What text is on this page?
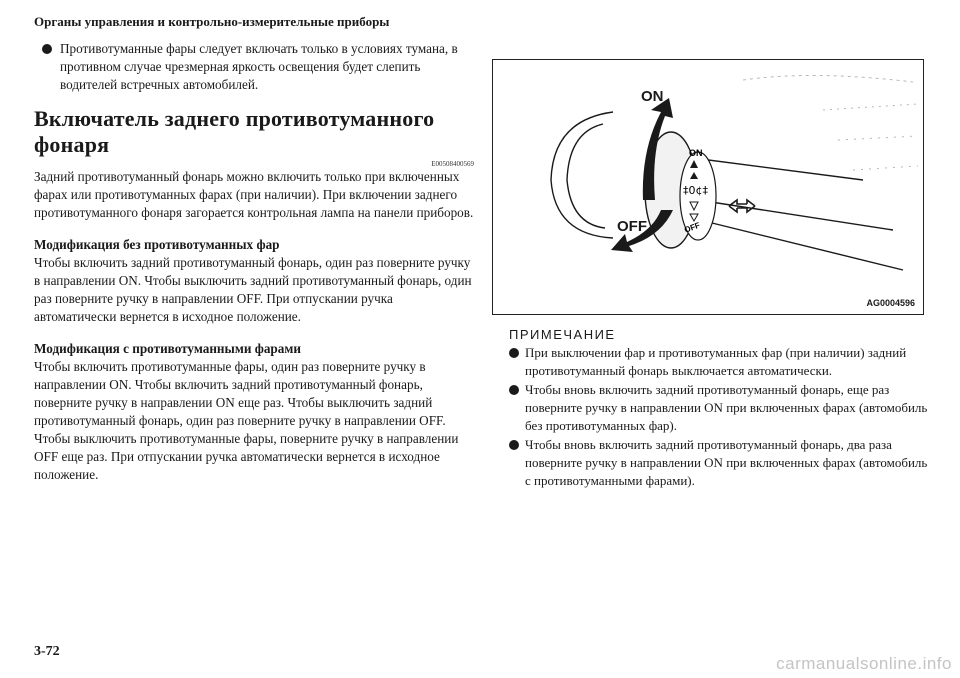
Органы управления и контрольно-измерительные приборы
Противотуманные фары следует включать только в условиях тумана, в противном случае чрезмерная яркость освещения будет слепить водителей встречных автомобилей.
Включатель заднего противотуманного фонаря
E00508400569

Задний противотуманный фонарь можно включить только при включенных фарах или противотуманных фарах (при наличии). При включении заднего противотуманного фонаря загорается контрольная лампа на панели приборов.

Модификация без противотуманных фар

Чтобы включить задний противотуманный фонарь, один раз поверните ручку в направлении ON. Чтобы выключить задний противотуманный фонарь, один раз поверните ручку в направлении OFF. При отпускании ручка автоматически вернется в исходное положение.

Модификация с противотуманными фарами

Чтобы включить противотуманные фары, один раз поверните ручку в направлении ON. Чтобы включить задний противотуманный фонарь, поверните ручку в направлении ON еще раз. Чтобы выключить задний противотуманный фонарь, один раз поверните ручку в направлении OFF. Чтобы выключить противотуманные фары, поверните ручку в направлении OFF еще раз. При отпускании ручка автоматически вернется в исходное положение.

ON
‡0¢‡
OFF
ON
OFF
AG0004596
ПРИМЕЧАНИЕ
При выключении фар и противотуманных фар (при наличии) задний противотуманный фонарь выключается автоматически.
Чтобы вновь включить задний противотуманный фонарь, еще раз поверните ручку в направлении ON при включенных фарах (автомобиль без противотуманных фар).
Чтобы вновь включить задний противотуманный фонарь, два раза поверните ручку в направлении ON при включенных фарах (автомобиль с противотуманными фарами).
3-72
carmanualsonline.info
